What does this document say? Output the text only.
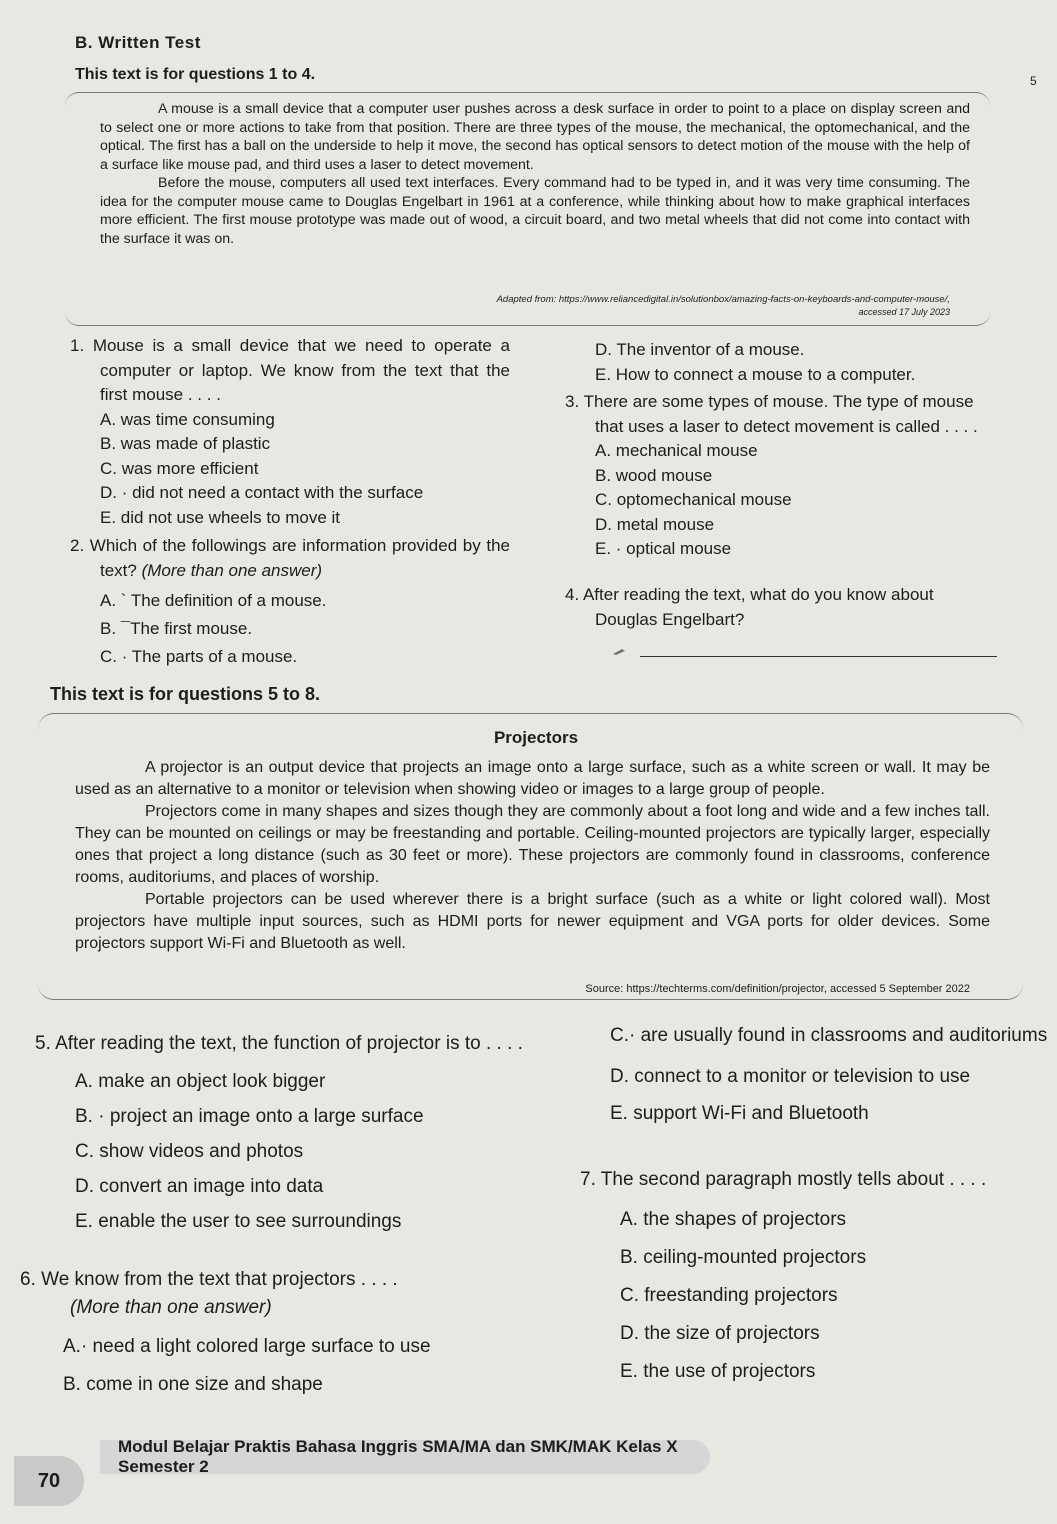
B. Written Test
This text is for questions 1 to 4.	5

A mouse is a small device that a computer user pushes across a desk surface in order to point to a place on display screen and to select one or more actions to take from that position. There are three types of the mouse, the mechanical, the optomechanical, and the optical. The first has a ball on the underside to help it move, the second has optical sensors to detect motion of the mouse with the help of a surface like mouse pad, and third uses a laser to detect movement.

Before the mouse, computers all used text interfaces. Every command had to be typed in, and it was very time consuming. The idea for the computer mouse came to Douglas Engelbart in 1961 at a conference, while thinking about how to make graphical interfaces more efficient. The first mouse prototype was made out of wood, a circuit board, and two metal wheels that did not come into contact with the surface it was on.

Adapted from: https://www.reliancedigital.in/solutionbox/amazing-facts-on-keyboards-and-computer-mouse/,
accessed 17 July 2023
1. Mouse is a small device that we need to operate a computer or laptop. We know from the text that the first mouse . . . .
A. was time consuming
B. was made of plastic
C. was more efficient
D. · did not need a contact with the surface
E. did not use wheels to move it
2. Which of the followings are information provided by the text? (More than one answer)
A. ` The definition of a mouse.
B. ¯The first mouse.
C. · The parts of a mouse.
D. The inventor of a mouse.
E. How to connect a mouse to a computer.
3. There are some types of mouse. The type of mouse that uses a laser to detect movement is called . . . .
A. mechanical mouse
B. wood mouse
C. optomechanical mouse
D. metal mouse
E. · optical mouse
4. After reading the text, what do you know about Douglas Engelbart?
This text is for questions 5 to 8.
Projectors

A projector is an output device that projects an image onto a large surface, such as a white screen or wall. It may be used as an alternative to a monitor or television when showing video or images to a large group of people.

Projectors come in many shapes and sizes though they are commonly about a foot long and wide and a few inches tall. They can be mounted on ceilings or may be freestanding and portable. Ceiling-mounted projectors are typically larger, especially ones that project a long distance (such as 30 feet or more). These projectors are commonly found in classrooms, conference rooms, auditoriums, and places of worship.

Portable projectors can be used wherever there is a bright surface (such as a white or light colored wall). Most projectors have multiple input sources, such as HDMI ports for newer equipment and VGA ports for older devices. Some projectors support Wi-Fi and Bluetooth as well.

Source: https://techterms.com/definition/projector, accessed 5 September 2022
5. After reading the text, the function of projector is to . . . .
A. make an object look bigger
B. · project an image onto a large surface
C. show videos and photos
D. convert an image into data
E. enable the user to see surroundings
6. We know from the text that projectors . . . .
(More than one answer)
A.· need a light colored large surface to use
B. come in one size and shape
C.· are usually found in classrooms and auditoriums
D. connect to a monitor or television to use
E. support Wi-Fi and Bluetooth
7. The second paragraph mostly tells about . . . .
A. the shapes of projectors
B. ceiling-mounted projectors
C. freestanding projectors
D. the size of projectors
E. the use of projectors
Modul Belajar Praktis Bahasa Inggris SMA/MA dan SMK/MAK Kelas X Semester 2
70
